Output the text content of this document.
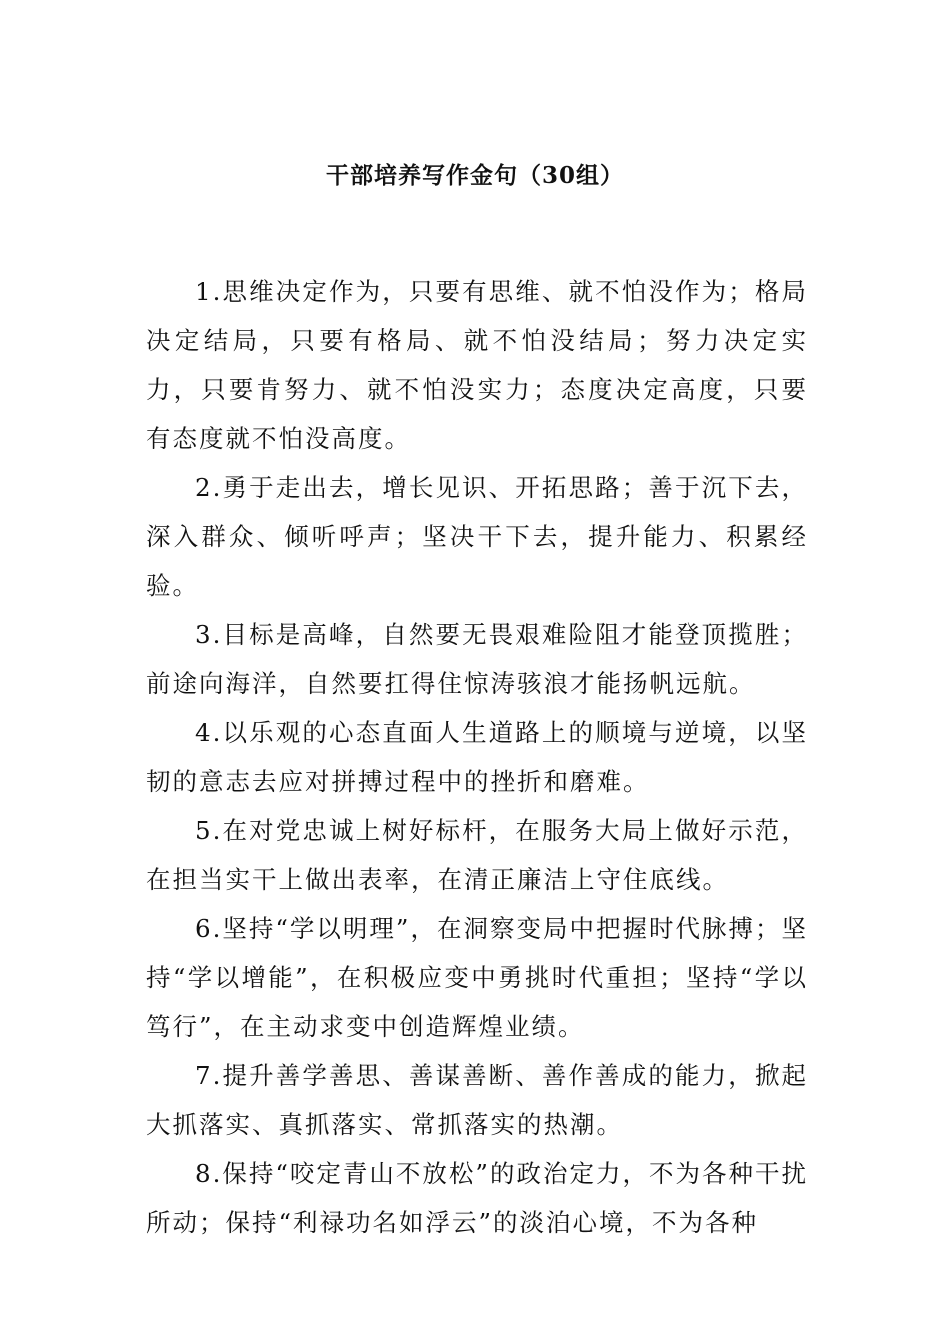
干部培养写作金句（30组）

1.思维决定作为，只要有思维、就不怕没作为；格局决定结局，只要有格局、就不怕没结局；努力决定实力，只要肯努力、就不怕没实力；态度决定高度，只要有态度就不怕没高度。

2.勇于走出去，增长见识、开拓思路；善于沉下去，深入群众、倾听呼声；坚决干下去，提升能力、积累经验。

3.目标是高峰，自然要无畏艰难险阻才能登顶揽胜；前途向海洋，自然要扛得住惊涛骇浪才能扬帆远航。

4.以乐观的心态直面人生道路上的顺境与逆境，以坚韧的意志去应对拼搏过程中的挫折和磨难。

5.在对党忠诚上树好标杆，在服务大局上做好示范，在担当实干上做出表率，在清正廉洁上守住底线。

6.坚持“学以明理”，在洞察变局中把握时代脉搏；坚持“学以增能”，在积极应变中勇挑时代重担；坚持“学以笃行”，在主动求变中创造辉煌业绩。

7.提升善学善思、善谋善断、善作善成的能力，掀起大抓落实、真抓落实、常抓落实的热潮。

8.保持“咬定青山不放松”的政治定力，不为各种干扰所动；保持“利禄功名如浮云”的淡泊心境，不为各种
